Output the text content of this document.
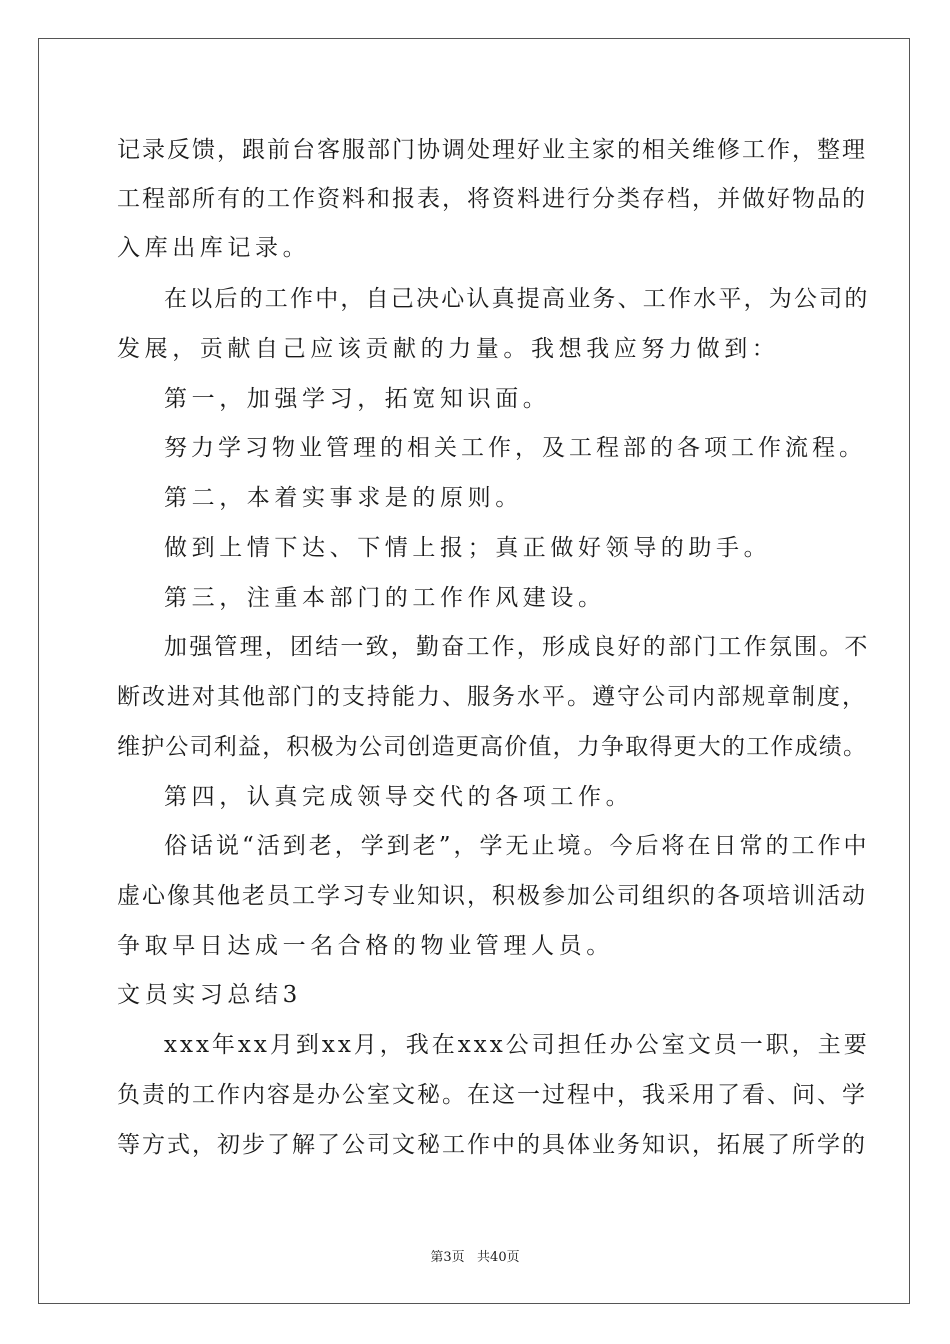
记录反馈，跟前台客服部门协调处理好业主家的相关维修工作，整理
工程部所有的工作资料和报表，将资料进行分类存档，并做好物品的
入库出库记录。
在以后的工作中，自己决心认真提高业务、工作水平，为公司的
发展，贡献自己应该贡献的力量。我想我应努力做到：
第一，加强学习，拓宽知识面。
努力学习物业管理的相关工作，及工程部的各项工作流程。
第二，本着实事求是的原则。
做到上情下达、下情上报；真正做好领导的助手。
第三，注重本部门的工作作风建设。
加强管理，团结一致，勤奋工作，形成良好的部门工作氛围。不
断改进对其他部门的支持能力、服务水平。遵守公司内部规章制度，
维护公司利益，积极为公司创造更高价值，力争取得更大的工作成绩。
第四，认真完成领导交代的各项工作。
俗话说“活到老，学到老”，学无止境。今后将在日常的工作中
虚心像其他老员工学习专业知识，积极参加公司组织的各项培训活动
争取早日达成一名合格的物业管理人员。
文员实习总结3
xxx年xx月到xx月，我在xxx公司担任办公室文员一职，主要
负责的工作内容是办公室文秘。在这一过程中，我采用了看、问、学
等方式，初步了解了公司文秘工作中的具体业务知识，拓展了所学的
第3页   共40页
